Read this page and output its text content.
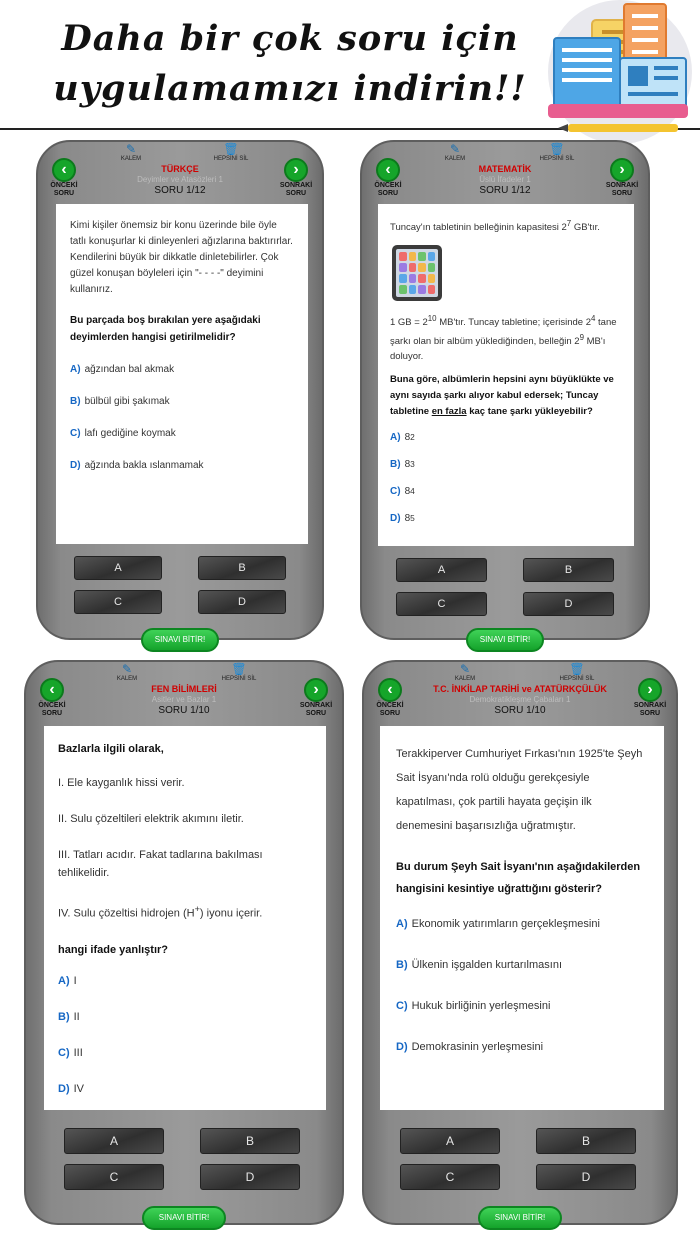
Daha bir çok soru için
uygulamamızı indirin!!
‹
ÖNCEKİ SORU
✎
KALEM
🗑
HEPSİNİ SİL
TÜRKÇE
Deyimler ve Atasözleri 1
SORU 1/12
›
SONRAKİ SORU

Kimi kişiler önemsiz bir konu üzerinde bile öyle tatlı konuşurlar ki dinleyenleri ağızlarına baktırırlar. Kendilerini büyük bir dikkatle dinletebilirler. Çok güzel konuşan böyleleri için "- - - -" deyimini kullanırız.

Bu parçada boş bırakılan yere aşağıdaki deyimlerden hangisi getirilmelidir?

A) ağzından bal akmak
B) bülbül gibi şakımak
C) lafı gediğine koymak
D) ağzında bakla ıslanmamak
A	B
C	D
SINAVI BİTİR!
‹
ÖNCEKİ SORU
✎
KALEM
🗑
HEPSİNİ SİL
MATEMATİK
Üslü İfadeler 1
SORU 1/12
›
SONRAKİ SORU

Tuncay'ın tabletinin belleğinin kapasitesi $2^7$ GB'tır.

1 GB = $2^{10}$ MB'tır. Tuncay tabletine; içerisinde $2^4$ tane şarkı olan bir albüm yüklediğinden, belleğin $2^9$ MB'ı doluyor.

Buna göre, albümlerin hepsini aynı büyüklükte ve aynı sayıda şarkı alıyor kabul edersek; Tuncay tabletine en fazla kaç tane şarkı yükleyebilir?

A) 8 2
B) 8 3
C) 8 4
D) 8 5
A	B
C	D
SINAVI BİTİR!
‹
ÖNCEKİ SORU
✎
KALEM
🗑
HEPSİNİ SİL
FEN BİLİMLERİ
Asitler ve Bazlar 1
SORU 1/10
›
SONRAKİ SORU

Bazlarla ilgili olarak,

I. Ele kayganlık hissi verir.

II. Sulu çözeltileri elektrik akımını iletir.

III. Tatları acıdır. Fakat tadlarına bakılması tehlikelidir.

IV. Sulu çözeltisi hidrojen (H+) iyonu içerir.

hangi ifade yanlıştır?

A) I
B) II
C) III
D) IV
A	B
C	D
SINAVI BİTİR!
‹
ÖNCEKİ SORU
✎
KALEM
🗑
HEPSİNİ SİL
T.C. İNKİLAP TARİHİ ve ATATÜRKÇÜLÜK
Demokratikleşme Çabaları 1
SORU 1/10
›
SONRAKİ SORU

Terakkiperver Cumhuriyet Fırkası'nın 1925'te Şeyh Sait İsyanı'nda rolü olduğu gerekçesiyle kapatılması, çok partili hayata geçişin ilk denemesini başarısızlığa uğratmıştır.

Bu durum Şeyh Sait İsyanı'nın aşağıdakilerden hangisini kesintiye uğrattığını gösterir?

A) Ekonomik yatırımların gerçekleşmesini
B) Ülkenin işgalden kurtarılmasını
C) Hukuk birliğinin yerleşmesini
D) Demokrasinin yerleşmesini
A	B
C	D
SINAVI BİTİR!
